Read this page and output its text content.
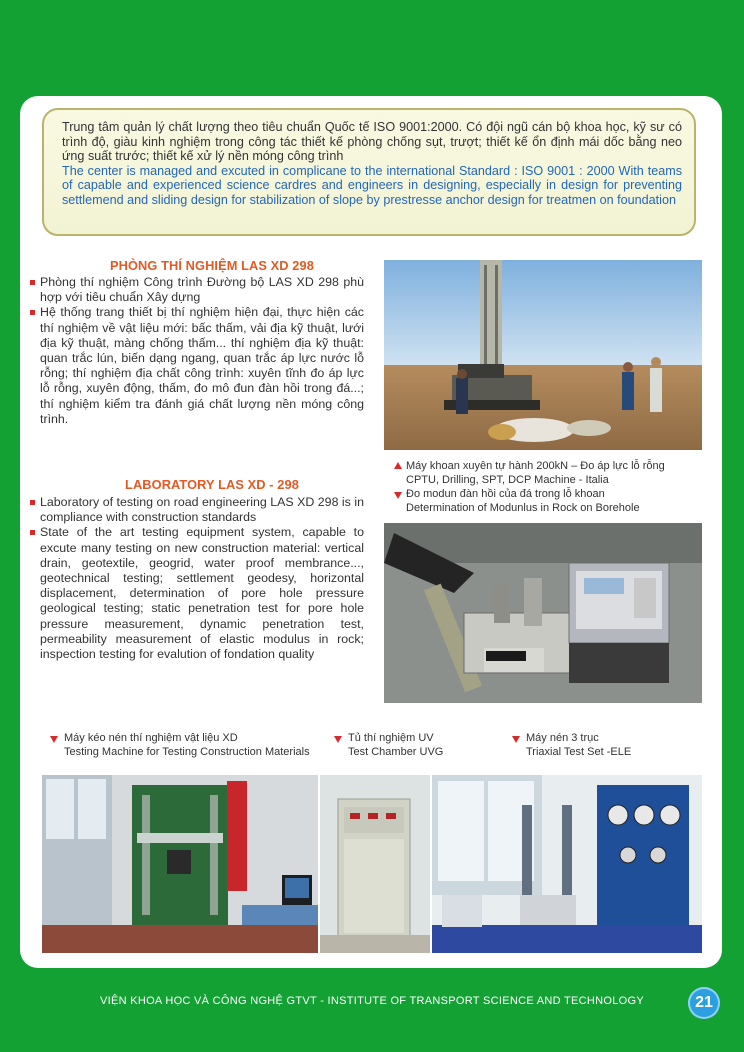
Trung tâm quản lý chất lượng theo tiêu chuẩn Quốc tế ISO 9001:2000. Có đội ngũ cán bộ khoa học, kỹ sư có trình độ, giàu kinh nghiệm trong công tác thiết kế phòng chống sụt, trượt; thiết kế ổn định mái dốc bằng neo ứng suất trước; thiết kế xử lý nền móng công trình
The center is managed and excuted in complicane to the international Standard : ISO 9001 : 2000 With teams of capable and experienced science cardres and engineers in designing, especially in design for preventing settlemend and sliding design for stabilization of slope by prestresse anchor design for treatmen on foundation
PHÒNG THÍ NGHIỆM LAS XD 298
Phòng thí nghiệm Công trình Đường bộ LAS XD 298 phù hợp với tiêu chuẩn Xây dựng
Hệ thống trang thiết bị thí nghiệm hiện đại, thực hiện các thí nghiệm về vật liệu mới: bấc thấm, vải địa kỹ thuật, lưới địa kỹ thuật, màng chống thấm... thí nghiệm địa kỹ thuật: quan trắc lún, biến dạng ngang, quan trắc áp lực nước lỗ rỗng; thí nghiệm địa chất công trình: xuyên tĩnh đo áp lực lỗ rỗng, xuyên động, thấm, đo mô đun đàn hồi trong đá...; thí nghiệm kiểm tra đánh giá chất lượng nền móng công trình.
LABORATORY LAS XD - 298
Laboratory of testing on road engineering LAS XD 298 is in compliance with construction standards
State of the art testing equipment system, capable to excute many testing on new construction material: vertical drain, geotextile, geogrid, water proof membrance..., geotechnical testing; settlement geodesy, horizontal displacement, determination of pore hole pressure geological testing; static penetration test for pore hole pressure measurement, dynamic penetration test, permeability measurement of elastic modulus in rock; inspection testing for evalution of fondation quality
Máy khoan xuyên tự hành 200kN – Đo áp lực lỗ rỗng
CPTU, Drilling, SPT, DCP Machine - Italia
Đo modun đàn hồi của đá trong lỗ khoan
Determination of Modunlus in Rock on Borehole
Máy kéo nén thí nghiệm vật liệu XD
Testing Machine for Testing Construction Materials
Tủ thí nghiệm UV
Test Chamber UVG
Máy nén 3 trục
Triaxial Test Set -ELE
VIỆN KHOA HỌC VÀ CÔNG NGHỆ GTVT - INSTITUTE OF TRANSPORT SCIENCE AND TECHNOLOGY	21
